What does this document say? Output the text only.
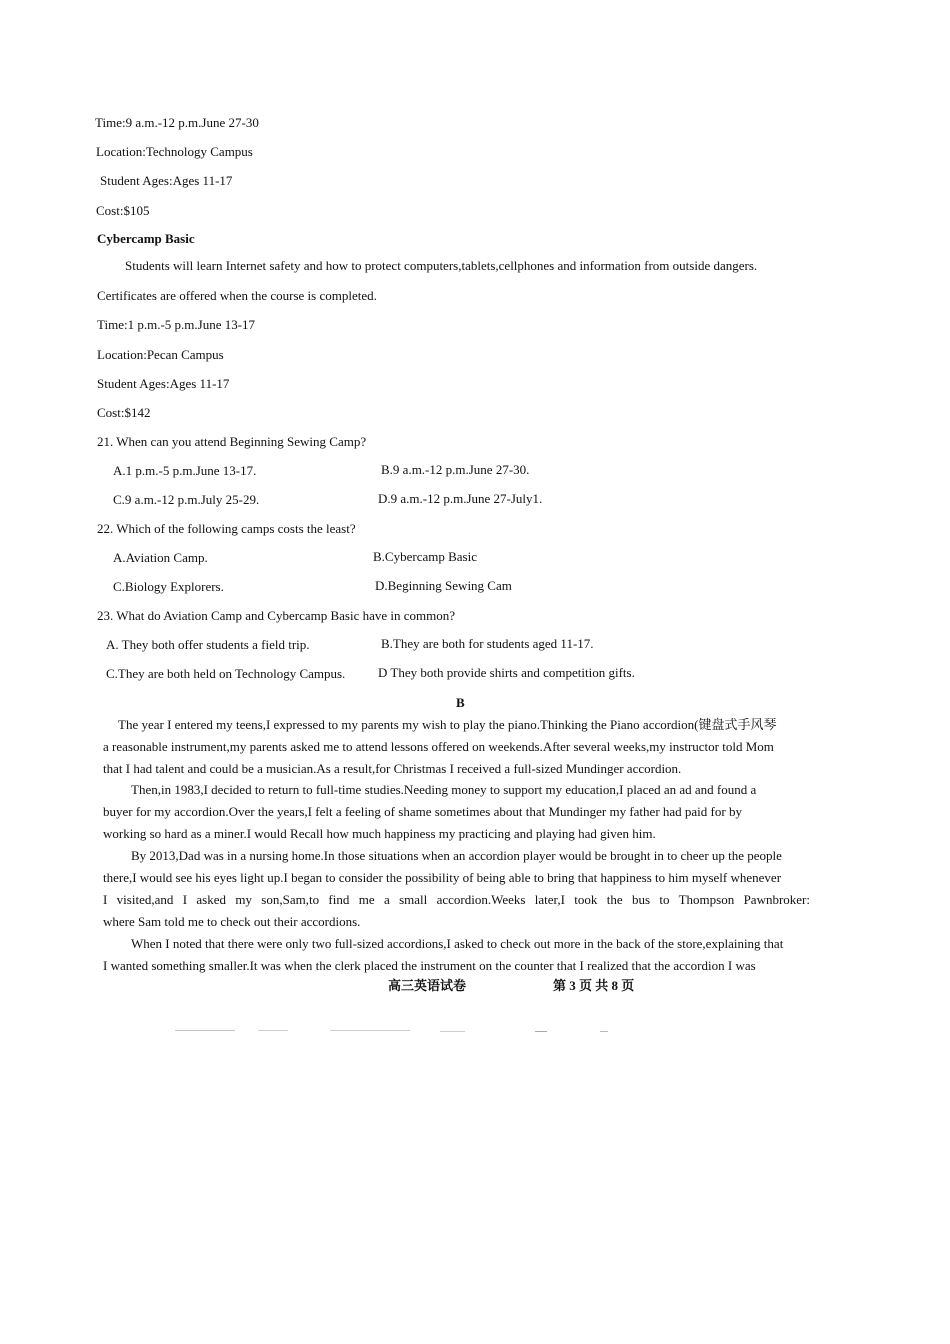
Time:9 a.m.-12 p.m.June 27-30
Location:Technology Campus
Student Ages:Ages 11-17
Cost:$105
Cybercamp Basic
Students will learn Internet safety and how to protect computers,tablets,cellphones and information from outside dangers.
Certificates are offered when the course is completed.
Time:1 p.m.-5 p.m.June 13-17
Location:Pecan Campus
Student Ages:Ages 11-17
Cost:$142
21. When can you attend Beginning Sewing Camp?
A.1 p.m.-5 p.m.June 13-17.	B.9 a.m.-12 p.m.June 27-30.
C.9 a.m.-12 p.m.July 25-29.	D.9 a.m.-12 p.m.June 27-July1.
22. Which of the following camps costs the least?
A.Aviation Camp.	B.Cybercamp Basic
C.Biology Explorers.	D.Beginning Sewing Cam
23. What do Aviation Camp and Cybercamp Basic have in common?
A. They both offer students a field trip.	B.They are both for students aged 11-17.
C.They are both held on Technology Campus.	D They both provide shirts and competition gifts.
B
The year I entered my teens,I expressed to my parents my wish to play the piano.Thinking the Piano accordion(键盘式手风琴
a reasonable instrument,my parents asked me to attend lessons offered on weekends.After several weeks,my instructor told Mom
that I had talent and could be a musician.As a result,for Christmas I received a full-sized Mundinger accordion.
Then,in 1983,I decided to return to full-time studies.Needing money to support my education,I placed an ad and found a
buyer for my accordion.Over the years,I felt a feeling of shame sometimes about that Mundinger my father had paid for by
working so hard as a miner.I would Recall how much happiness my practicing and playing had given him.
By 2013,Dad was in a nursing home.In those situations when an accordion player would be brought in to cheer up the people
there,I would see his eyes light up.I began to consider the possibility of being able to bring that happiness to him myself whenever
I visited,and I asked my son,Sam,to find me a small accordion.Weeks later,I took the bus to Thompson Pawnbroker:
where Sam told me to check out their accordions.
When I noted that there were only two full-sized accordions,I asked to check out more in the back of the store,explaining that
I wanted something smaller.It was when the clerk placed the instrument on the counter that I realized that the accordion I was
高三英语试卷	第 3 页 共 8 页
